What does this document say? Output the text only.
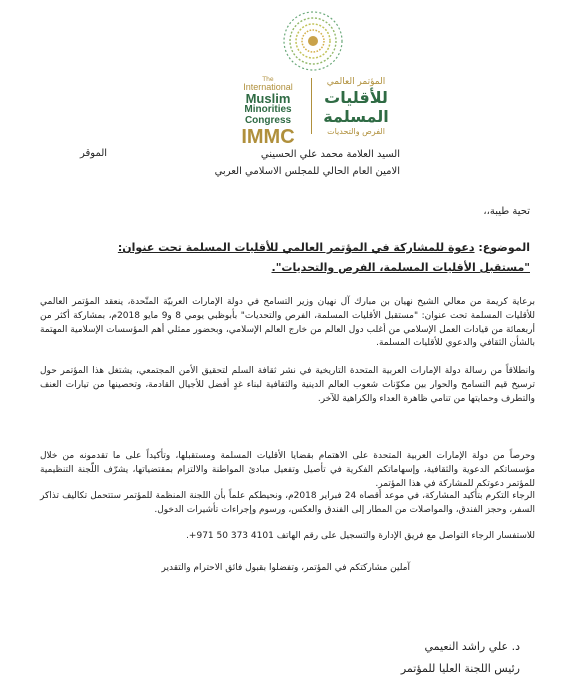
The
International
Muslim
Minorities
Congress
IMMC
المؤتمر العالمي
للأقليات
المسلمة
الفرص والتحديات
الموقر	السيد العلامة محمد علي الحسيني
الامين العام الحالي للمجلس الاسلامي العربي
تحية طيبة،،
الموضوع: دعوة للمشاركة في المؤتمر العالمي للأقليات المسلمة تحت عنوان:
"مستقبل الأقليات المسلمة، الفرص والتحديات".
برعاية كريمة من معالي الشيخ نهيان بن مبارك آل نهيان وزير التسامح في دولة الإمارات العربيّة المتّحدة، ينعقد المؤتمر العالمي للأقليات المسلمة تحت عنوان: "مستقبل الأقليات المسلمة، الفرص والتحديات" بأبوظبي يومي 8 و9 مايو 2018م، بمشاركة أكثر من أربعمائة من قيادات العمل الإسلامي من أغلب دول العالم من خارج العالم الإسلامي، وبحضور ممثلي أهم المؤسسات الإسلامية المهتمة بالشأن الثقافي والدعوي للأقليات المسلمة.
وانطلاقاً من رسالة دولة الإمارات العربية المتحدة التاريخية في نشر ثقافة السلم لتحقيق الأمن المجتمعي، يشتغل هذا المؤتمر حول ترسيخ قيم التسامح والحوار بين مكوّنات شعوب العالم الدينية والثقافية لبناء غدٍ أفضل للأجيال القادمة، وتحصينها من تيارات العنف والتطرف وحمايتها من تنامي ظاهرة العداء والكراهية للآخر.
وحرصاً من دولة الإمارات العربية المتحدة على الاهتمام بقضايا الأقليات المسلمة ومستقبلها، وتأكيداً على ما تقدمونه من خلال مؤسساتكم الدعوية والثقافية، وإسهاماتكم الفكرية في تأصيل وتفعيل مبادئ المواطنة والالتزام بمقتضياتها، يشرّف اللّجنة التنظيمية للمؤتمر دعوتكم للمشاركة في هذا المؤتمر.
الرجاء التكرم بتأكيد المشاركة، في موعد أقصاه 24 فبراير 2018م، ونحيطكم علماً بأن اللجنة المنظمة للمؤتمر ستتحمل تكاليف تذاكر السفر، وحجز الفندق، والمواصلات من المطار إلى الفندق والعكس، ورسوم وإجراءات تأشيرات الدخول.
للاستفسار الرجاء التواصل مع فريق الإدارة والتسجيل على رقم الهاتف 4101 373 50 971+.
آملين مشاركتكم في المؤتمر، وتفضلوا بقبول فائق الاحترام والتقدير
د. علي راشد النعيمي
رئيس اللجنة العليا للمؤتمر
